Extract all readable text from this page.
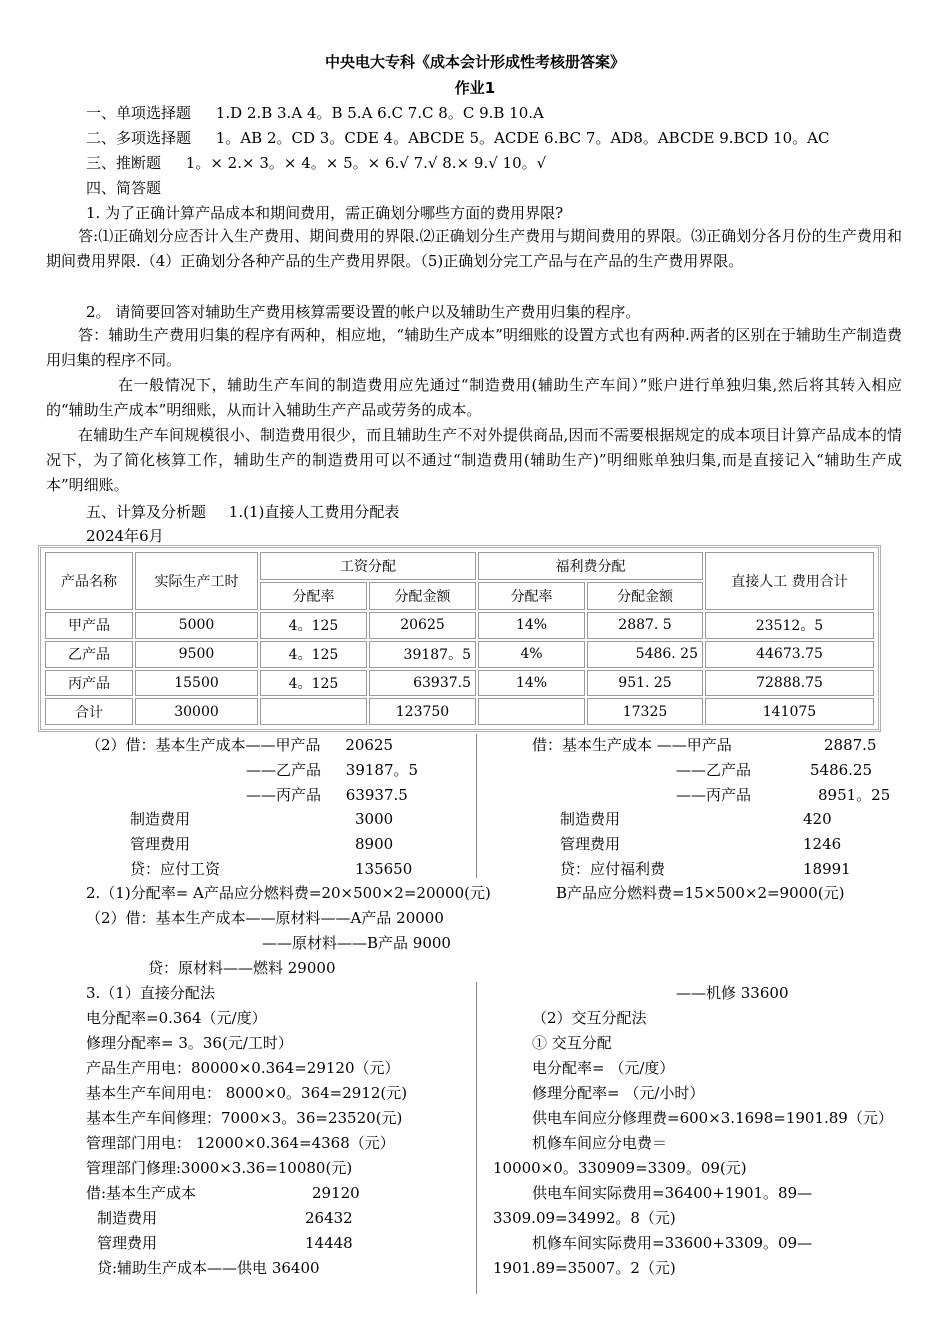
中央电大专科《成本会计形成性考核册答案》
作业1
一、单项选择题 1.D 2.B 3.A 4。B 5.A 6.C 7.C 8。C 9.B 10.A
二、多项选择题 1。AB 2。CD 3。CDE 4。ABCDE 5。ACDE 6.BC 7。AD8。ABCDE 9.BCD 10。AC
三、推断题 1。× 2.× 3。× 4。× 5。× 6.√ 7.√ 8.× 9.√ 10。√
四、简答题
1. 为了正确计算产品成本和期间费用，需正确划分哪些方面的费用界限?
答:⑴正确划分应否计入生产费用、期间费用的界限.⑵正确划分生产费用与期间费用的界限。⑶正确划分各月份的生产费用和期间费用界限.（4）正确划分各种产品的生产费用界限。（5)正确划分完工产品与在产品的生产费用界限。
2。 请简要回答对辅助生产费用核算需要设置的帐户以及辅助生产费用归集的程序。
答：辅助生产费用归集的程序有两种，相应地，“辅助生产成本”明细账的设置方式也有两种.两者的区别在于辅助生产制造费用归集的程序不同。
在一般情况下，辅助生产车间的制造费用应先通过“制造费用(辅助生产车间）”账户进行单独归集,然后将其转入相应的“辅助生产成本”明细账，从而计入辅助生产产品或劳务的成本。
在辅助生产车间规模很小、制造费用很少，而且辅助生产不对外提供商品,因而不需要根据规定的成本项目计算产品成本的情况下，为了简化核算工作，辅助生产的制造费用可以不通过“制造费用(辅助生产)”明细账单独归集,而是直接记入“辅助生产成本”明细账。
五、计算及分析题 1.(1)直接人工费用分配表
2024年6月
产品名称	实际生产工时	工资分配		福利费分配		直接人工 费用合计
		分配率	分配金额	分配率	分配金额	
甲产品	5000	4。125	20625	14%	2887. 5	23512。5
乙产品	9500	4。125	39187。5	4%	5486. 25	44673.75
丙产品	15500	4。125	63937.5	14%	951. 25	72888.75
合计	30000		123750		17325	141075
（2）借：基本生产成本——甲产品 20625
——乙产品 39187。5
——丙产品 63937.5
制造费用	3000
管理费用	8900
贷：应付工资	135650
借：基本生产成本 ——甲产品	2887.5
——乙产品	5486.25
——丙产品	8951。25
制造费用	420
管理费用	1246
贷：应付福利费	18991
2.（1)分配率= A产品应分燃料费=20×500×2=20000(元)	B产品应分燃料费=15×500×2=9000(元)
（2）借：基本生产成本——原材料——A产品 20000
——原材料——B产品 9000
贷：原材料——燃料 29000
3.（1）直接分配法
电分配率=0.364（元/度）
修理分配率= 3。36(元/工时）
产品生产用电：80000×0.364=29120（元）
基本生产车间用电： 8000×0。364=2912(元)
基本生产车间修理：7000×3。36=23520(元)
管理部门用电： 12000×0.364=4368（元）
管理部门修理:3000×3.36=10080(元)
借:基本生产成本	29120
制造费用	26432
管理费用	14448
贷:辅助生产成本——供电 36400
——机修 33600
（2）交互分配法
① 交互分配
电分配率= （元/度）
修理分配率= （元/小时）
供电车间应分修理费=600×3.1698=1901.89（元）
机修车间应分电费＝
10000×0。330909=3309。09(元)
供电车间实际费用=36400+1901。89—
3309.09=34992。8（元)
机修车间实际费用=33600+3309。09—
1901.89=35007。2（元)
